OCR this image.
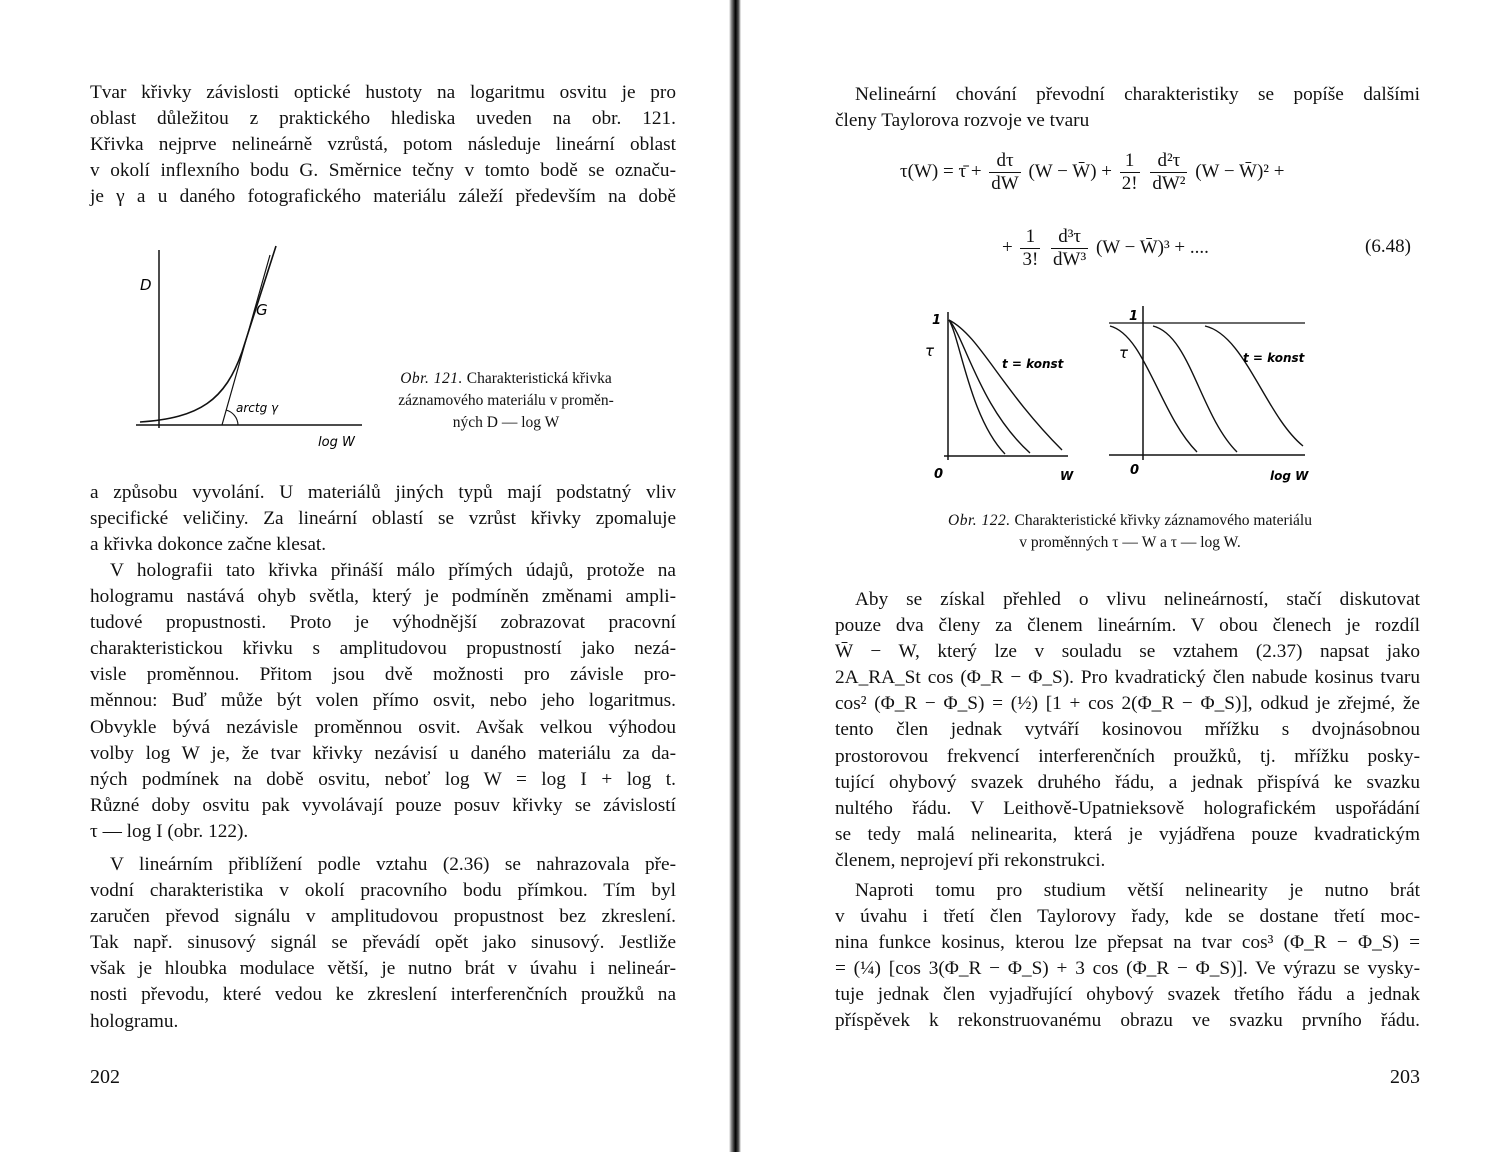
Tvar křivky závislosti optické hustoty na logaritmu osvitu je pro
oblast důležitou z praktického hlediska uveden na obr. 121.
Křivka nejprve nelineárně vzrůstá, potom následuje lineární oblast
v okolí inflexního bodu G. Směrnice tečny v tomto bodě se označu-
je γ a u daného fotografického materiálu záleží především na době
D
G
arctg γ
log W
Obr. 121. Charakteristická křivka
záznamového materiálu v proměn-
ných D — log W
a způsobu vyvolání. U materiálů jiných typů mají podstatný vliv
specifické veličiny. Za lineární oblastí se vzrůst křivky zpomaluje
a křivka dokonce začne klesat.
V holografii tato křivka přináší málo přímých údajů, protože na
hologramu nastává ohyb světla, který je podmíněn změnami ampli-
tudové propustnosti. Proto je výhodnější zobrazovat pracovní
charakteristickou křivku s amplitudovou propustností jako nezá-
visle proměnnou. Přitom jsou dvě možnosti pro závisle pro-
měnnou: Buď může být volen přímo osvit, nebo jeho logaritmus.
Obvykle bývá nezávisle proměnnou osvit. Avšak velkou výhodou
volby log W je, že tvar křivky nezávisí u daného materiálu za da-
ných podmínek na době osvitu, neboť log W = log I + log t.
Různé doby osvitu pak vyvolávají pouze posuv křivky se závislostí
τ — log I (obr. 122).
V lineárním přiblížení podle vztahu (2.36) se nahrazovala pře-
vodní charakteristika v okolí pracovního bodu přímkou. Tím byl
zaručen převod signálu v amplitudovou propustnost bez zkreslení.
Tak např. sinusový signál se převádí opět jako sinusový. Jestliže
však je hloubka modulace větší, je nutno brát v úvahu i nelineár-
nosti převodu, které vedou ke zkreslení interferenčních proužků na
hologramu.
202
Nelineární chování převodní charakteristiky se popíše dalšími
členy Taylorova rozvoje ve tvaru
τ(W) = τ̄ + $\frac{d\tau}{dW} (W$ − W̄) + $\frac{1}{2!}$
$\frac{\text{d²τ}}{\text{dW²}} (W$ − W̄)² +
+ $\frac{1}{3!}$
$\frac{\text{d³τ}}{\text{dW³}} (W$ − W̄)³ + ....	(6.48)
1
τ
t = konst
0	W
1
τ	t = konst
0	log W
Obr. 122. Charakteristické křivky záznamového materiálu
v proměnných τ — W a τ — log W.
Aby se získal přehled o vlivu nelineárností, stačí diskutovat
pouze dva členy za členem lineárním. V obou členech je rozdíl
W̄ − W, který lze v souladu se vztahem (2.37) napsat jako
2A_RA_St cos (Φ_R − Φ_S). Pro kvadratický člen nabude kosinus tvaru
cos² (Φ_R − Φ_S) = (½) [1 + cos 2(Φ_R − Φ_S)], odkud je zřejmé, že
tento člen jednak vytváří kosinovou mřížku s dvojnásobnou
prostorovou frekvencí interferenčních proužků, tj. mřížku posky-
tující ohybový svazek druhého řádu, a jednak přispívá ke svazku
nultého řádu. V Leithově-Upatnieksově holografickém uspořádání
se tedy malá nelinearita, která je vyjádřena pouze kvadratickým
členem, neprojeví při rekonstrukci.
Naproti tomu pro studium větší nelinearity je nutno brát
v úvahu i třetí člen Taylorovy řady, kde se dostane třetí moc-
nina funkce kosinus, kterou lze přepsat na tvar cos³ (Φ_R − Φ_S) =
= (¼) [cos 3(Φ_R − Φ_S) + 3 cos (Φ_R − Φ_S)]. Ve výrazu se vysky-
tuje jednak člen vyjadřující ohybový svazek třetího řádu a jednak
příspěvek k rekonstruovanému obrazu ve svazku prvního řádu.
203
